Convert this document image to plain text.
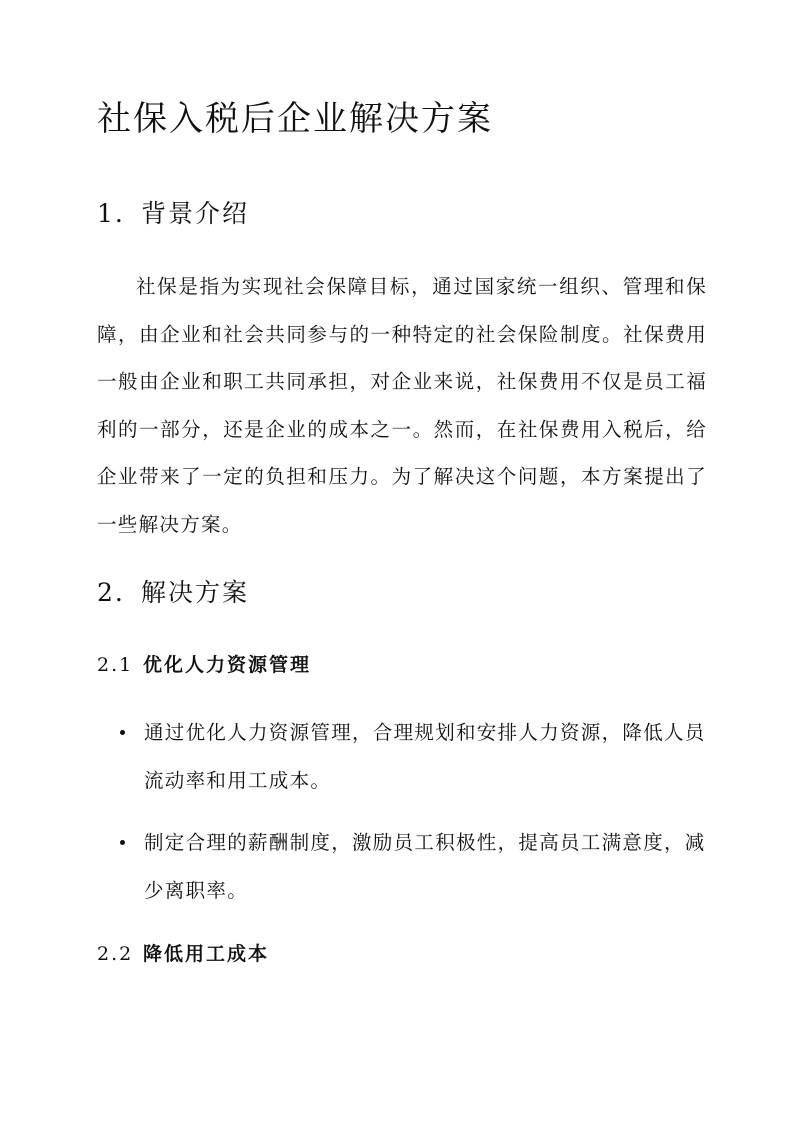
社保入税后企业解决方案
1. 背景介绍

社保是指为实现社会保障目标，通过国家统一组织、管理和保障，由企业和社会共同参与的一种特定的社会保险制度。社保费用一般由企业和职工共同承担，对企业来说，社保费用不仅是员工福利的一部分，还是企业的成本之一。然而，在社保费用入税后，给企业带来了一定的负担和压力。为了解决这个问题，本方案提出了一些解决方案。

2. 解决方案
2.1 优化人力资源管理
通过优化人力资源管理，合理规划和安排人力资源，降低人员流动率和用工成本。
制定合理的薪酬制度，激励员工积极性，提高员工满意度，减少离职率。
2.2 降低用工成本
